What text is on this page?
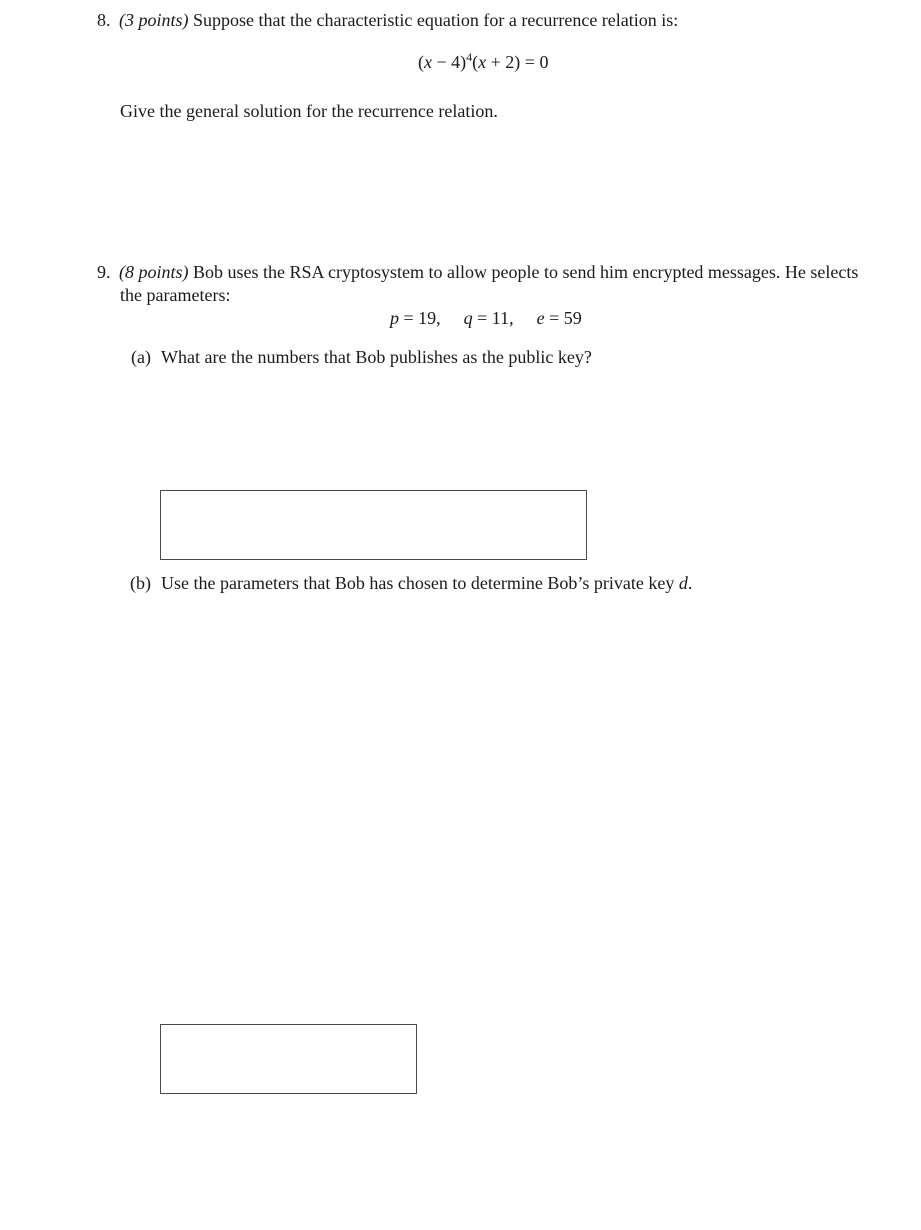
8. (3 points) Suppose that the characteristic equation for a recurrence relation is:
$(x - 4)^4(x + 2) = 0$
Give the general solution for the recurrence relation.
9. (8 points) Bob uses the RSA cryptosystem to allow people to send him encrypted messages. He selects
the parameters:
p = 19, q = 11, e = 59
(a) What are the numbers that Bob publishes as the public key?
(b) Use the parameters that Bob has chosen to determine Bob’s private key d.
